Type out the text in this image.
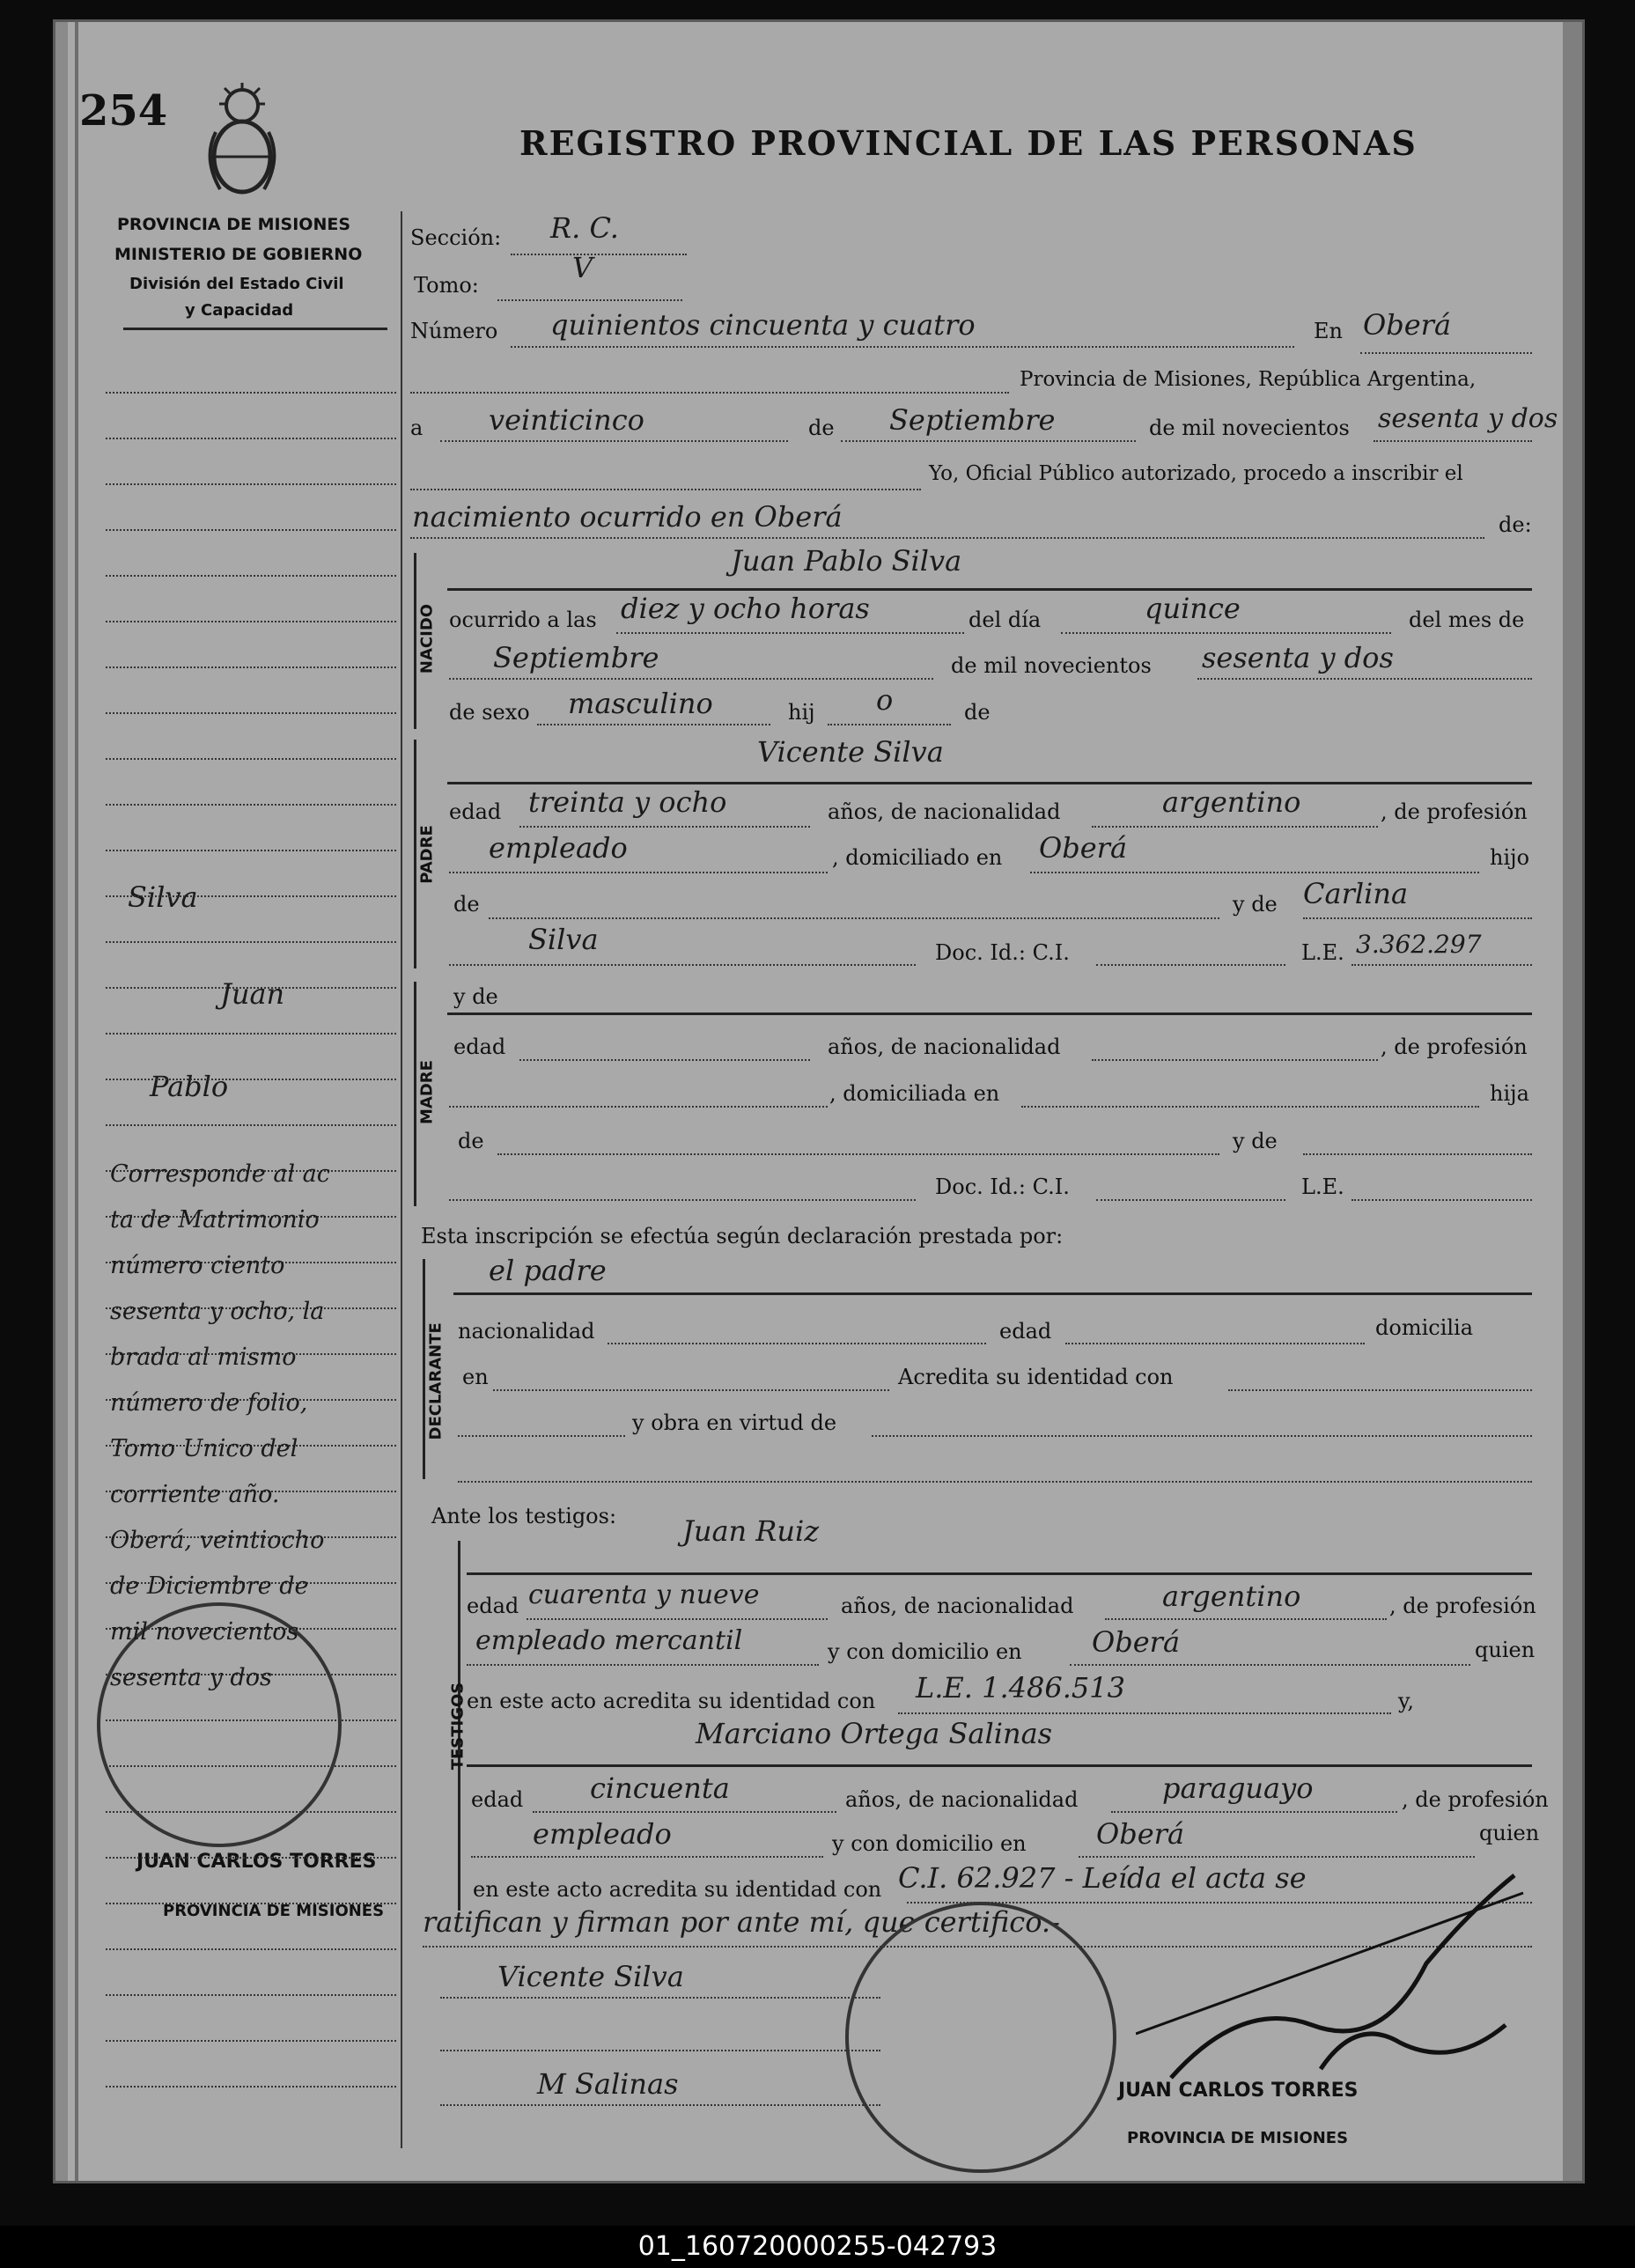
254
REGISTRO PROVINCIAL DE LAS PERSONAS
PROVINCIA DE MISIONES
MINISTERIO DE GOBIERNO
División del Estado Civil
y Capacidad
Sección: R. C.
Tomo:
V
Número quinientos cincuenta y cuatro	En Oberá
Provincia de Misiones, República Argentina,
a veinticinco	de Septiembre	de mil novecientos sesenta y dos
Yo, Oficial Público autorizado, procedo a inscribir el
nacimiento ocurrido en Oberá	de:
NACIDO
Juan Pablo Silva
ocurrido a las diez y ocho horas	del día	quince	del mes de
Septiembre	de mil novecientos sesenta y dos
de sexo masculino	hij o	de
PADRE
Vicente Silva
edad treinta y ocho	años, de nacionalidad	argentino	, de profesión
empleado	, domiciliado en Oberá	hijo
de	y de Carlina
Silva	Doc. Id.: C.I.	L.E. 3.362.297
MADRE
y de
edad	años, de nacionalidad	, de profesión
, domiciliada en	hija
de	y de
Doc. Id.: C.I.	L.E.
Esta inscripción se efectúa según declaración prestada por:
DECLARANTE
el padre
nacionalidad	edad	domicilia
en	Acredita su identidad con
y obra en virtud de
Ante los testigos:
TESTIGOS
Juan Ruiz
edad cuarenta y nueve	años, de nacionalidad	argentino	, de profesión
empleado mercantil	y con domicilio en Oberá	quien
en este acto acredita su identidad con L.E. 1.486.513	y,
Marciano Ortega Salinas
edad cincuenta	años, de nacionalidad	paraguayo	, de profesión
empleado	y con domicilio en Oberá	quien
en este acto acredita su identidad con C.I. 62.927 - Leída el acta se
ratifican y firman por ante mí, que certifico.-
Vicente Silva
M Salinas
Silva
Juan
Pablo
JUAN CARLOS TORRES
PROVINCIA DE MISIONES
JUAN CARLOS TORRES
PROVINCIA DE MISIONES
01_160720000255-042793
Corresponde al ac
ta de Matrimonio
número ciento
sesenta y ocho, la
brada al mismo
número de folio,
Tomo Unico del
corriente año.
Oberá, veintiocho
de Diciembre de
mil novecientos
sesenta y dos
